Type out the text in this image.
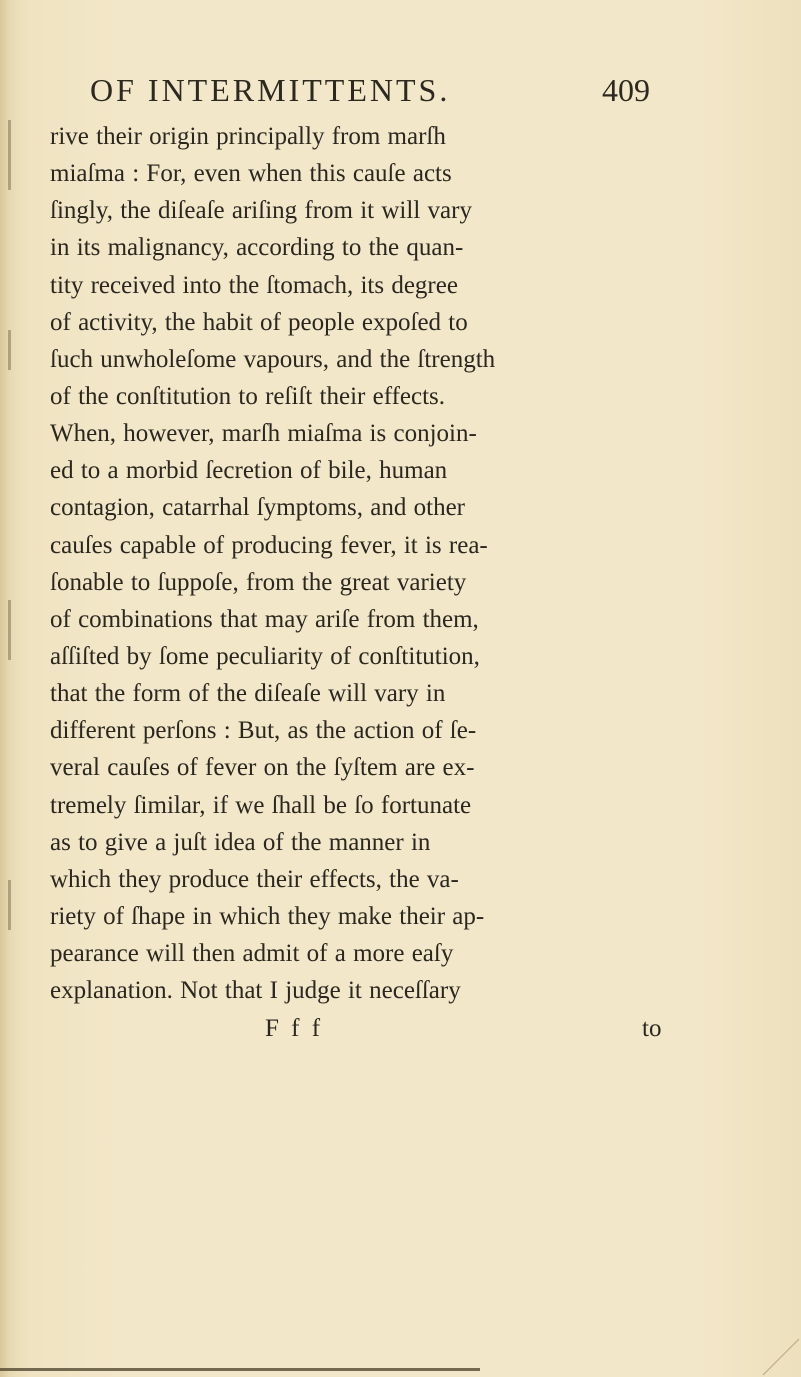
OF INTERMITTENTS.	409
rive their origin principally from marſh
miaſma : For, even when this cauſe acts
ſingly, the diſeaſe ariſing from it will vary
in its malignancy, according to the quan-
tity received into the ſtomach, its degree
of activity, the habit of people expoſed to
ſuch unwholeſome vapours, and the ſtrength
of the conſtitution to reſiſt their effects.
When, however, marſh miaſma is conjoin-
ed to a morbid ſecretion of bile, human
contagion, catarrhal ſymptoms, and other
cauſes capable of producing fever, it is rea-
ſonable to ſuppoſe, from the great variety
of combinations that may ariſe from them,
aſſiſted by ſome peculiarity of conſtitution,
that the form of the diſeaſe will vary in
different perſons : But, as the action of ſe-
veral cauſes of fever on the ſyſtem are ex-
tremely ſimilar, if we ſhall be ſo fortunate
as to give a juſt idea of the manner in
which they produce their effects, the va-
riety of ſhape in which they make their ap-
pearance will then admit of a more eaſy
explanation. Not that I judge it neceſſary
F f f	to
